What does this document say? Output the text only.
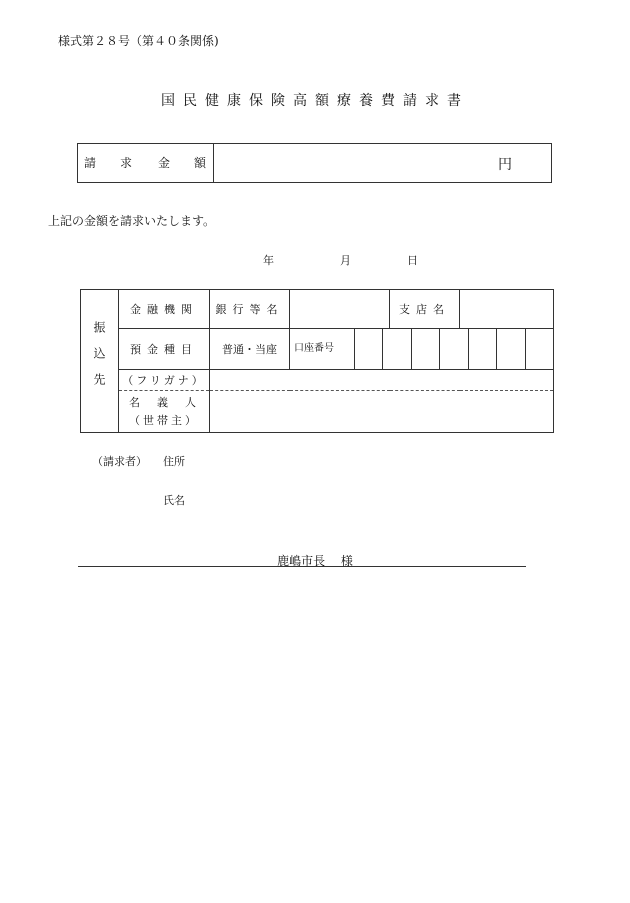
様式第２８号（第４０条関係)
国民健康保険高額療養費請求書
請 求 金 額	円
上記の金額を請求いたします。
年	月	日
振込先	金融機関	銀行等名		支店名	
	預金種目	普通・当座	口座番号		

	（フリガナ）				

	名　義　人
（世帯主）				

（請求者） 住所
氏名
鹿嶋市長　 様
